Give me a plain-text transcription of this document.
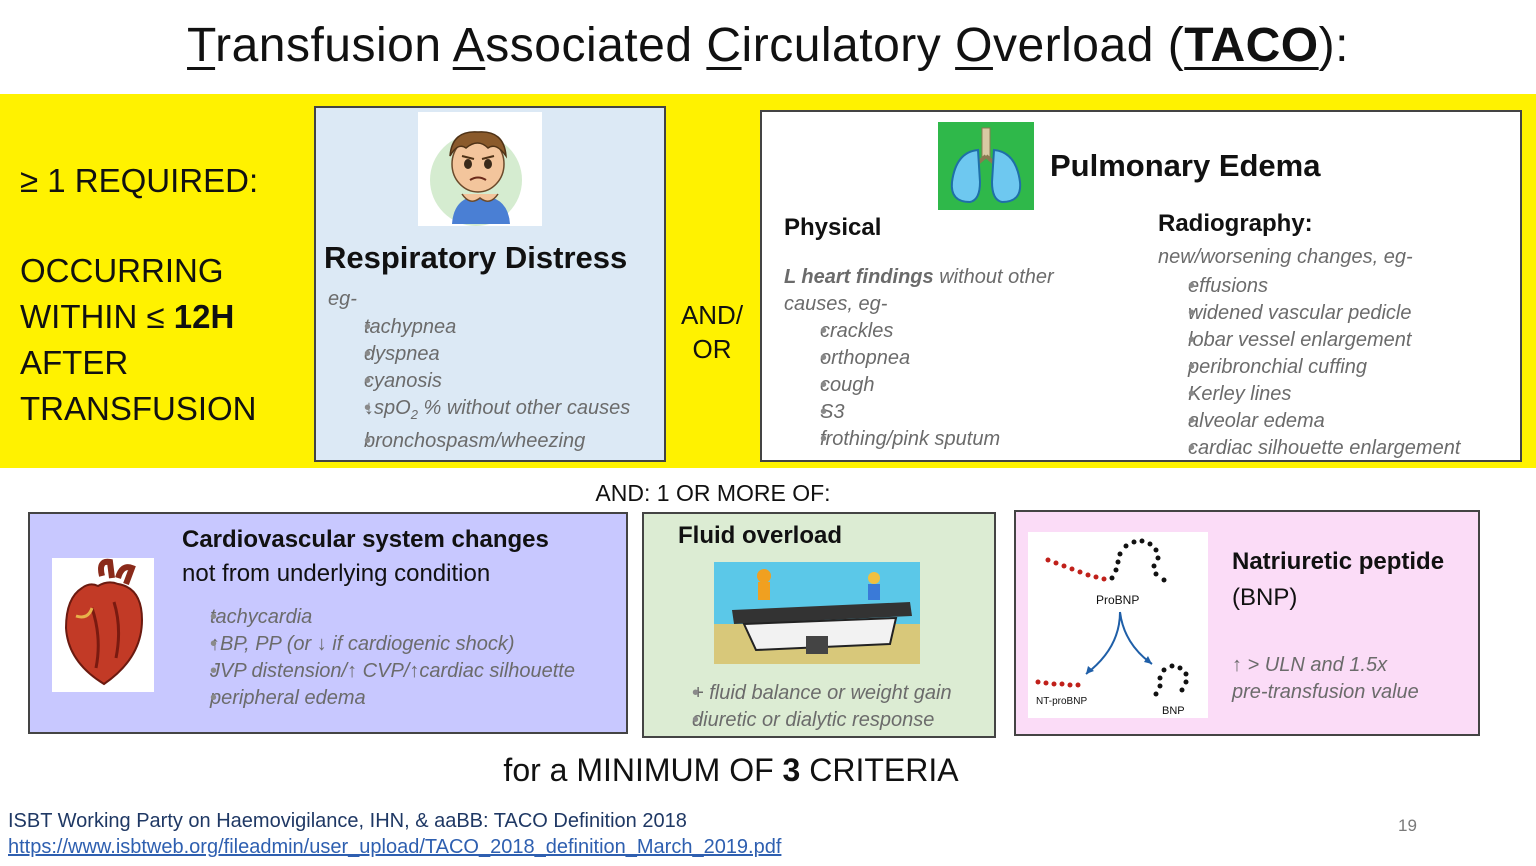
Transfusion Associated Circulatory Overload (TACO):
≥ 1 REQUIRED:
OCCURRING
WITHIN ≤ 12H
AFTER
TRANSFUSION
Respiratory Distress
eg-
• tachypnea
• dyspnea
• cyanosis
• ↓spO$_2$ % without other causes
• bronchospasm/wheezing
AND/
OR
Pulmonary Edema
Physical
L heart findings without other
causes, eg-
• crackles
• orthopnea
• cough
• S3
• frothing/pink sputum
Radiography:
new/worsening changes, eg-
• effusions
• widened vascular pedicle
• lobar vessel enlargement
• peribronchial cuffing
• Kerley lines
• alveolar edema
• cardiac silhouette enlargement
AND: 1 OR MORE OF:
Cardiovascular system changes
not from underlying condition
• tachycardia
• ↑BP, PP (or ↓ if cardiogenic shock)
• JVP distension/↑ CVP/↑cardiac silhouette
• peripheral edema
Fluid overload
• + fluid balance or weight gain
• diuretic or dialytic response
ProBNP
NT-proBNP
BNP
Natriuretic peptide
(BNP)
↑ > ULN and 1.5x
pre-transfusion value
for a MINIMUM OF 3 CRITERIA
ISBT Working Party on Haemovigilance, IHN, & aaBB: TACO Definition 2018
https://www.isbtweb.org/fileadmin/user_upload/TACO_2018_definition_March_2019.pdf
19
